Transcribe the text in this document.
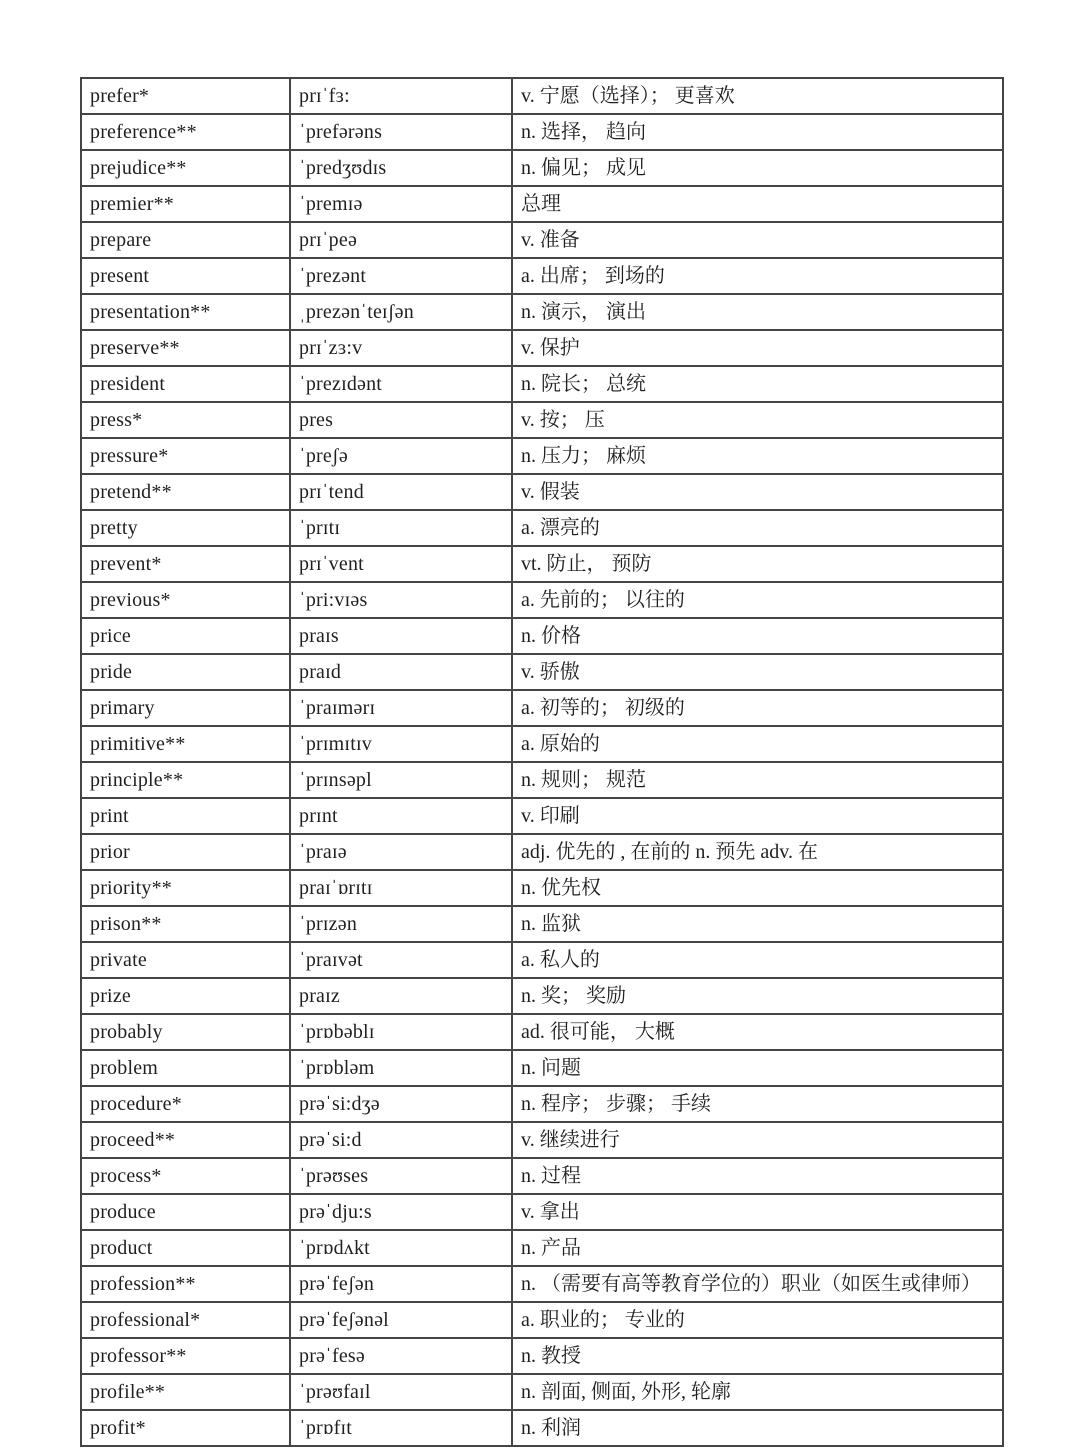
prefer*	prɪˈfɜ:	v. 宁愿（选择）； 更喜欢
preference**	ˈprefərəns	n. 选择， 趋向
prejudice**	ˈpredʒʊdɪs	n. 偏见； 成见
premier**	ˈpremɪə	总理
prepare	prɪˈpeə	v. 准备
present	ˈprezənt	a. 出席； 到场的
presentation**	ˌprezənˈteɪʃən	n. 演示， 演出
preserve**	prɪˈzɜ:v	v. 保护
president	ˈprezɪdənt	n. 院长； 总统
press*	pres	v. 按； 压
pressure*	ˈpreʃə	n. 压力； 麻烦
pretend**	prɪˈtend	v. 假装
pretty	ˈprɪtɪ	a. 漂亮的
prevent*	prɪˈvent	vt. 防止， 预防
previous*	ˈpri:vɪəs	a. 先前的； 以往的
price	praɪs	n. 价格
pride	praɪd	v. 骄傲
primary	ˈpraɪmərɪ	a. 初等的； 初级的
primitive**	ˈprɪmɪtɪv	a. 原始的
principle**	ˈprɪnsəpl	n. 规则； 规范
print	prɪnt	v. 印刷
prior	ˈpraɪə	adj. 优先的 , 在前的 n. 预先 adv. 在
priority**	praɪˈɒrɪtɪ	n. 优先权
prison**	ˈprɪzən	n. 监狱
private	ˈpraɪvət	a. 私人的
prize	praɪz	n. 奖； 奖励
probably	ˈprɒbəblɪ	ad. 很可能， 大概
problem	ˈprɒbləm	n. 问题
procedure*	prəˈsi:dʒə	n. 程序； 步骤； 手续
proceed**	prəˈsi:d	v. 继续进行
process*	ˈprəʊses	n. 过程
produce	prəˈdju:s	v. 拿出
product	ˈprɒdʌkt	n. 产品
profession**	prəˈfeʃən	n. （需要有高等教育学位的）职业（如医生或律师）
professional*	prəˈfeʃənəl	a. 职业的； 专业的
professor**	prəˈfesə	n. 教授
profile**	ˈprəʊfaɪl	n. 剖面, 侧面, 外形, 轮廓
profit*	ˈprɒfɪt	n. 利润
